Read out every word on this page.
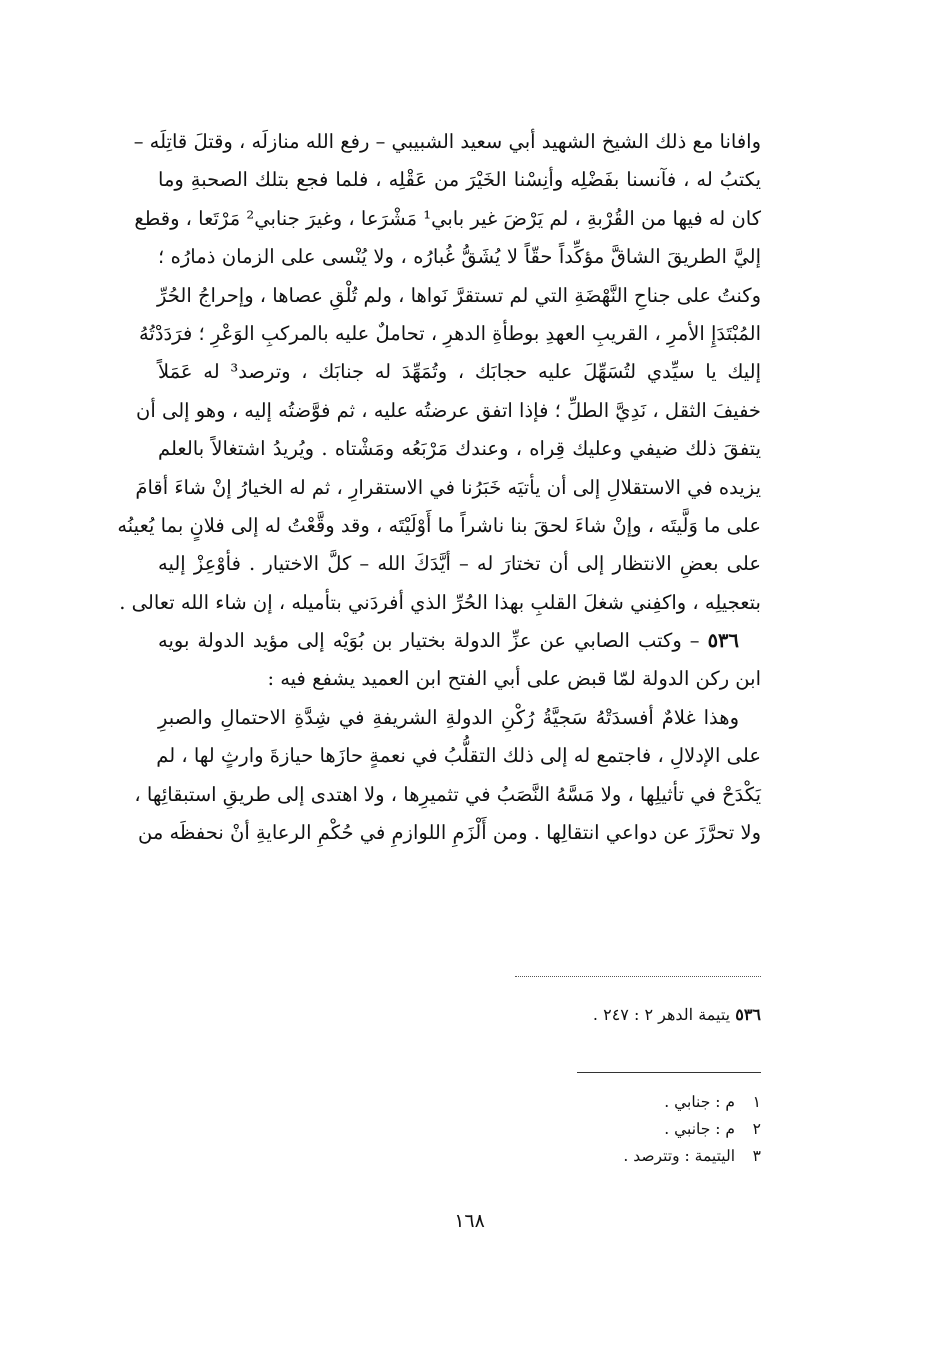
وافانا مع ذلك الشيخ الشهيد أبي سعيد الشبيبي – رفع الله منازلَه ، وقتلَ قاتِلَه –
يكتبُ له ، فآنسنا بفَضْلِه وأنِسْنا الخَيْرَ من عَقْلِه ، فلما فجع بتلك الصحبةِ وما
كان له فيها من القُرْبةِ ، لم يَرْضَ غير بابي¹ مَشْرَعا ، وغيرَ جنابي² مَرْتَعا ، وقطع
إليَّ الطريقَ الشاقَّ مؤكِّداً حقّاً لا يُشَقُّ غُبارُه ، ولا يُنْسى على الزمان ذمارُه ؛
وكنتُ على جناحِ النَّهْضَةِ التي لم تستقرَّ نَواها ، ولم تُلْقِ عصاها ، وإحراجُ الحُرِّ
المُبْتَدَإِ الأمرِ ، القريبِ العهدِ بوطأةِ الدهرِ ، تحاملٌ عليه بالمركبِ الوَعْرِ ؛ فرَدَدْتُهُ
إليك يا سيِّدي لتُسَهِّلَ عليه حجابَك ، وتُمَهِّدَ له جنابَك ، وترصد³ له عَمَلاً
خفيفَ الثقل ، نَدِيَّ الطلِّ ؛ فإذا اتفق عرضتُه عليه ، ثم فوَّضتُه إليه ، وهو إلى أن
يتفقَ ذلك ضيفي وعليك قِراه ، وعندك مَرْبَعُه ومَشْتاه . ويُريدُ اشتغالاً بالعلم
يزيده في الاستقلالِ إلى أن يأتيَه خَبَرُنا في الاستقرارِ ، ثم له الخيارُ إنْ شاءَ أقامَ
على ما وَلَّيتَه ، وإنْ شاءَ لحقَ بنا ناشراً ما أَوْلَيْتَه ، وقد وقَّعْتُ له إلى فلانٍ بما يُعينُه
على بعضِ الانتظار إلى أن تختارَ له – أيَّدَكَ الله – كلَّ الاختيار . فأوْعِزْ إليه
بتعجيلِه ، واكفِني شغلَ القلبِ بهذا الحُرِّ الذي أفردَني بتأميله ، إن شاء الله تعالى .
٥٣٦ – وكتب الصابي عن عزِّ الدولة بختيار بن بُوَيْه إلى مؤيد الدولة بويه
ابن ركن الدولة لمّا قبض على أبي الفتح ابن العميد يشفع فيه :
وهذا غلامٌ أفسدَتْهُ سَجيَّةُ رُكْنِ الدولةِ الشريفةِ في شِدَّةِ الاحتمالِ والصبرِ
على الإدلالِ ، فاجتمع له إلى ذلك التقلُّبُ في نعمةٍ حازَها حيازةَ وارثٍ لها ، لم
يَكْدَحْ في تأثيلِها ، ولا مَسَّهُ النَّصَبُ في تثميرِها ، ولا اهتدى إلى طريقِ استبقائِها ،
ولا تحرَّزَ عن دواعي انتقالِها . ومن أَلْزَمِ اللوازمِ في حُكْمِ الرعايةِ أنْ نحفظَه من
٥٣٦ يتيمة الدهر ٢ : ٢٤٧ .
١م : جنابي .
٢م : جانبي .
٣اليتيمة : وتترصد .
١٦٨
